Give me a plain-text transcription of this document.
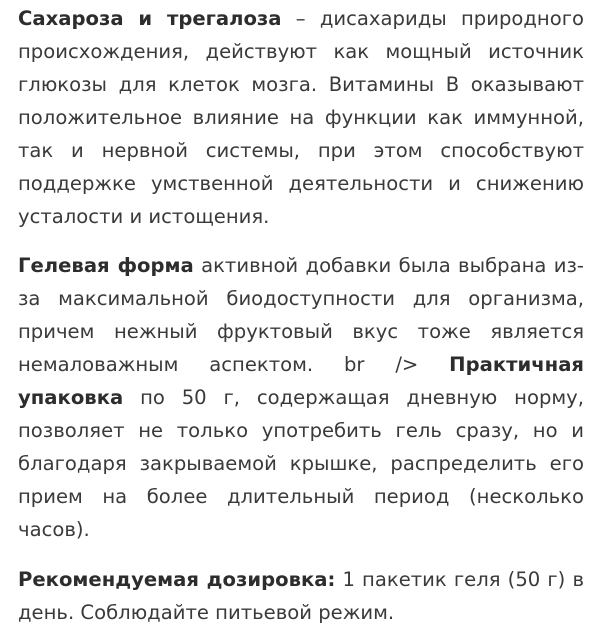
Сахароза и трегалоза – дисахариды природного происхождения, действуют как мощный источник глюкозы для клеток мозга. Витамины В оказывают положительное влияние на функции как иммунной, так и нервной системы, при этом способствуют поддержке умственной деятельности и снижению усталости и истощения.

Гелевая форма активной добавки была выбрана из-за максимальной биодоступности для организма, причем нежный фруктовый вкус тоже является немаловажным аспектом. br /> Практичная упаковка по 50 г, содержащая дневную норму, позволяет не только употребить гель сразу, но и благодаря закрываемой крышке, распределить его прием на более длительный период (несколько часов).

Рекомендуемая дозировка: 1 пакетик геля (50 г) в день. Соблюдайте питьевой режим.
